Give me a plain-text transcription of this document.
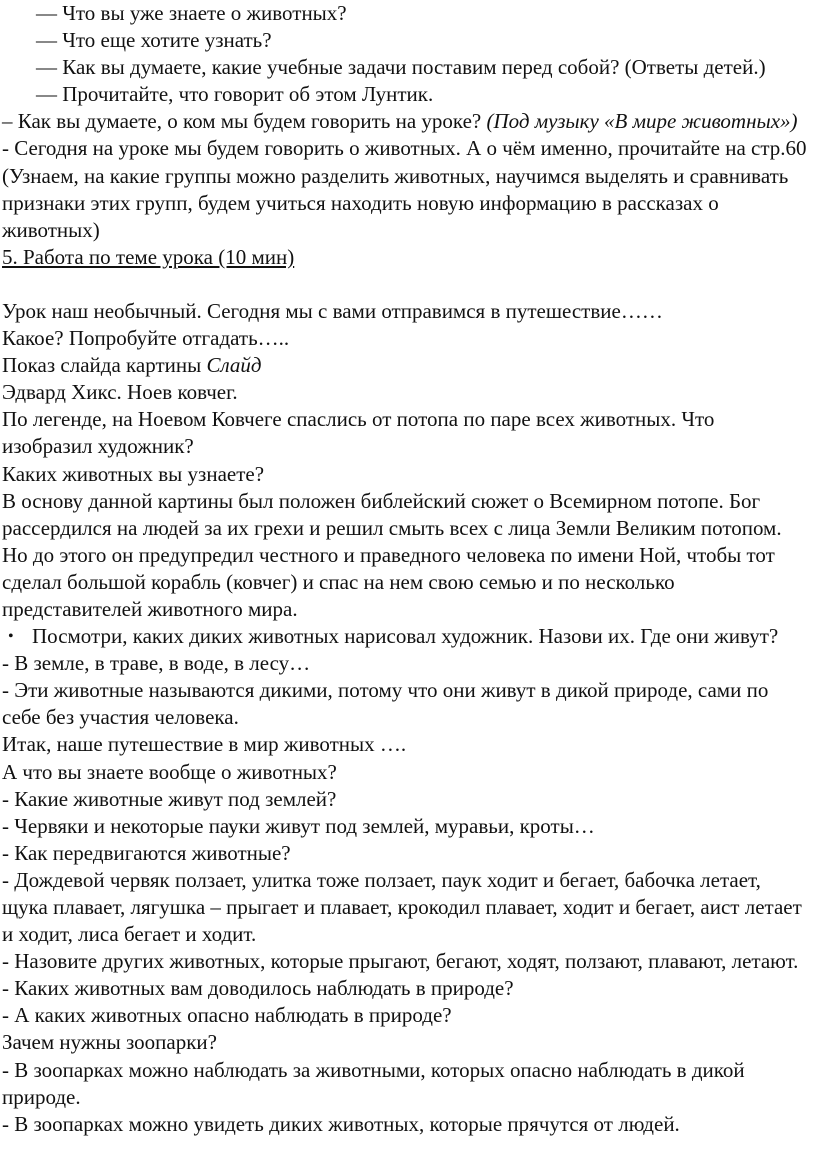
— Что вы уже знаете о животных?

— Что еще хотите узнать?

— Как вы думаете, какие учебные задачи поставим перед собой? (Ответы детей.)

— Прочитайте, что говорит об этом Лунтик.

– Как вы думаете, о ком мы будем говорить на уроке? (Под музыку «В мире животных»)

- Сегодня на уроке мы будем говорить о животных. А о чём именно, прочитайте на стр.60 (Узнаем, на какие группы можно разделить животных, научимся выделять и сравнивать признаки этих групп, будем учиться находить новую информацию в рассказах о животных)

5. Работа по теме урока (10 мин)

Урок наш необычный. Сегодня мы с вами отправимся в путешествие……

Какое? Попробуйте отгадать…..

Показ слайда картины Слайд

Эдвард Хикс. Ноев ковчег.

По легенде, на Ноевом Ковчеге спаслись от потопа по паре всех животных. Что изобразил художник?

Каких животных вы узнаете?

В основу данной картины был положен библейский сюжет о Всемирном потопе. Бог рассердился на людей за их грехи и решил смыть всех с лица Земли Великим потопом. Но до этого он предупредил честного и праведного человека по имени Ной, чтобы тот сделал большой корабль (ковчег) и спас на нем свою семью и по несколько представителей животного мира.

• Посмотри, каких диких животных нарисовал художник. Назови их. Где они живут?

- В земле, в траве, в воде, в лесу…

- Эти животные называются дикими, потому что они живут в дикой природе, сами по себе без участия человека.

Итак, наше путешествие в мир животных ….

А что вы знаете вообще о животных?

- Какие животные живут под землей?

- Червяки и некоторые пауки живут под землей, муравьи, кроты…

- Как передвигаются животные?

- Дождевой червяк ползает, улитка тоже ползает, паук ходит и бегает, бабочка летает, щука плавает, лягушка – прыгает и плавает, крокодил плавает, ходит и бегает, аист летает и ходит, лиса бегает и ходит.

- Назовите других животных, которые прыгают, бегают, ходят, ползают, плавают, летают.

- Каких животных вам доводилось наблюдать в природе?

- А каких животных опасно наблюдать в природе?

Зачем нужны зоопарки?

- В зоопарках можно наблюдать за животными, которых опасно наблюдать в дикой природе.

- В зоопарках можно увидеть диких животных, которые прячутся от людей.
